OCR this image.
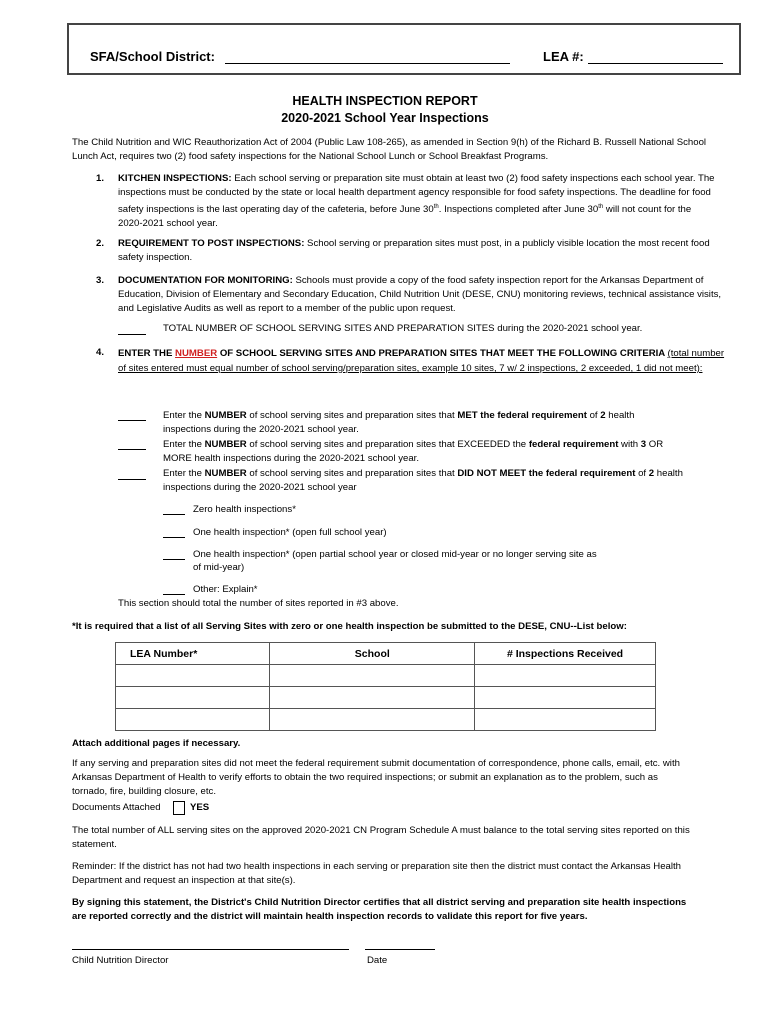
SFA/School District:	LEA #:
HEALTH INSPECTION REPORT
2020-2021 School Year Inspections
The Child Nutrition and WIC Reauthorization Act of 2004 (Public Law 108-265), as amended in Section 9(h) of the Richard B. Russell National School Lunch Act, requires two (2) food safety inspections for the National School Lunch or School Breakfast Programs.
1. KITCHEN INSPECTIONS: Each school serving or preparation site must obtain at least two (2) food safety inspections each school year. The inspections must be conducted by the state or local health department agency responsible for food safety inspections. The deadline for food safety inspections is the last operating day of the cafeteria, before June 30th. Inspections completed after June 30th will not count for the 2020-2021 school year.
2. REQUIREMENT TO POST INSPECTIONS: School serving or preparation sites must post, in a publicly visible location the most recent food safety inspection.
3. DOCUMENTATION FOR MONITORING: Schools must provide a copy of the food safety inspection report for the Arkansas Department of Education, Division of Elementary and Secondary Education, Child Nutrition Unit (DESE, CNU) monitoring reviews, technical assistance visits, and Legislative Audits as well as report to a member of the public upon request.
TOTAL NUMBER OF SCHOOL SERVING SITES AND PREPARATION SITES during the 2020-2021 school year.
4. ENTER THE NUMBER OF SCHOOL SERVING SITES AND PREPARATION SITES THAT MEET THE FOLLOWING CRITERIA (total number of sites entered must equal number of school serving/preparation sites, example 10 sites, 7 w/ 2 inspections, 2 exceeded, 1 did not meet):
Enter the NUMBER of school serving sites and preparation sites that MET the federal requirement of 2 health inspections during the 2020-2021 school year.
Enter the NUMBER of school serving sites and preparation sites that EXCEEDED the federal requirement with 3 OR MORE health inspections during the 2020-2021 school year.
Enter the NUMBER of school serving sites and preparation sites that DID NOT MEET the federal requirement of 2 health inspections during the 2020-2021 school year
Zero health inspections*
One health inspection* (open full school year)
One health inspection* (open partial school year or closed mid-year or no longer serving site as
of mid-year)
Other: Explain*
This section should total the number of sites reported in #3 above.
*It is required that a list of all Serving Sites with zero or one health inspection be submitted to the DESE, CNU--List below:
LEA Number*	School	# Inspections Received

Attach additional pages if necessary.
If any serving and preparation sites did not meet the federal requirement submit documentation of correspondence, phone calls, email, etc. with Arkansas Department of Health to verify efforts to obtain the two required inspections; or submit an explanation as to the problem, such as tornado, fire, building closure, etc.
Documents Attached	YES
The total number of ALL serving sites on the approved 2020-2021 CN Program Schedule A must balance to the total serving sites reported on this statement.
Reminder: If the district has not had two health inspections in each serving or preparation site then the district must contact the Arkansas Health Department and request an inspection at that site(s).
By signing this statement, the District's Child Nutrition Director certifies that all district serving and preparation site health inspections are reported correctly and the district will maintain health inspection records to validate this report for five years.
Child Nutrition Director	Date
